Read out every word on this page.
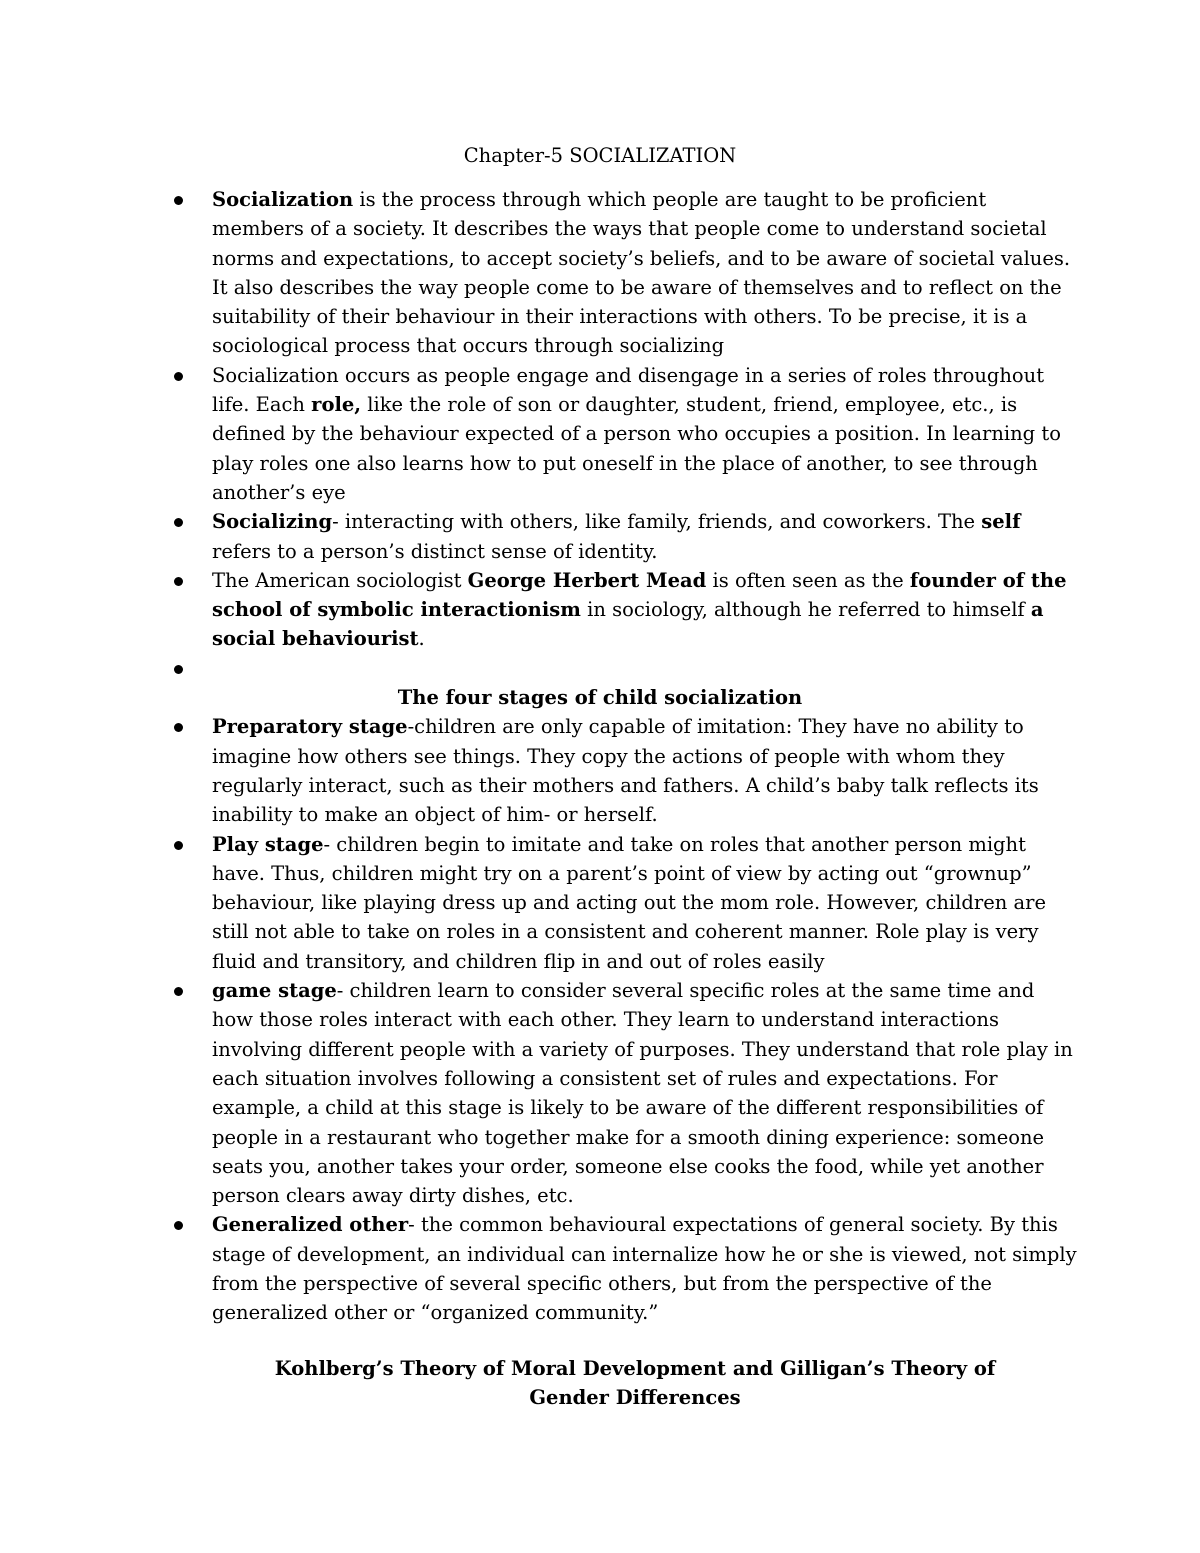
Chapter-5 SOCIALIZATION
Socialization is the process through which people are taught to be proficient members of a society. It describes the ways that people come to understand societal norms and expectations, to accept society’s beliefs, and to be aware of societal values. It also describes the way people come to be aware of themselves and to reflect on the suitability of their behaviour in their interactions with others. To be precise, it is a sociological process that occurs through socializing
Socialization occurs as people engage and disengage in a series of roles throughout life. Each role, like the role of son or daughter, student, friend, employee, etc., is defined by the behaviour expected of a person who occupies a position. In learning to play roles one also learns how to put oneself in the place of another, to see through another’s eye
Socializing- interacting with others, like family, friends, and coworkers. The self refers to a person’s distinct sense of identity.
The American sociologist George Herbert Mead is often seen as the founder of the school of symbolic interactionism in sociology, although he referred to himself a social behaviourist.
The four stages of child socialization
Preparatory stage-children are only capable of imitation: They have no ability to imagine how others see things. They copy the actions of people with whom they regularly interact, such as their mothers and fathers. A child’s baby talk reflects its inability to make an object of him- or herself.
Play stage- children begin to imitate and take on roles that another person might have. Thus, children might try on a parent’s point of view by acting out “grownup” behaviour, like playing dress up and acting out the mom role. However, children are still not able to take on roles in a consistent and coherent manner. Role play is very fluid and transitory, and children flip in and out of roles easily
game stage- children learn to consider several specific roles at the same time and how those roles interact with each other. They learn to understand interactions involving different people with a variety of purposes. They understand that role play in each situation involves following a consistent set of rules and expectations. For example, a child at this stage is likely to be aware of the different responsibilities of people in a restaurant who together make for a smooth dining experience: someone seats you, another takes your order, someone else cooks the food, while yet another person clears away dirty dishes, etc.
Generalized other- the common behavioural expectations of general society. By this stage of development, an individual can internalize how he or she is viewed, not simply from the perspective of several specific others, but from the perspective of the generalized other or “organized community.”
Kohlberg’s Theory of Moral Development and Gilligan’s Theory of Gender Differences
